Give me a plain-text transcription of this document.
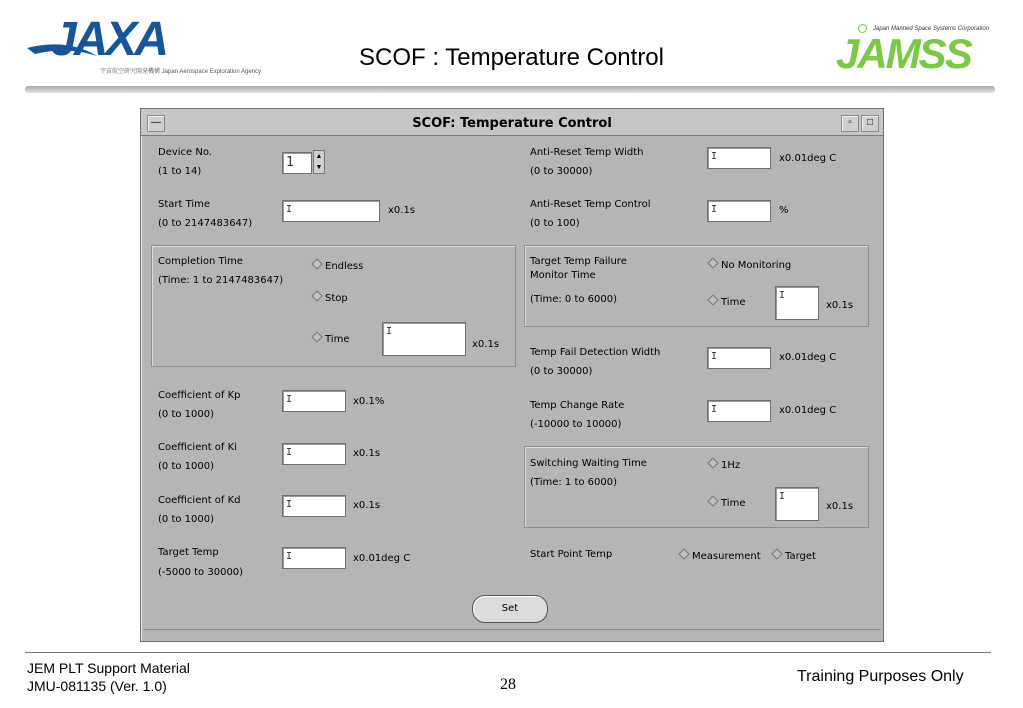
JAXA
宇宙航空研究開発機構 Japan Aerospace Exploration Agency
SCOF : Temperature Control
Japan Manned Space Systems Corporation
JAMSS
—	SCOF: Temperature Control	▫	□
Device No.
(1 to 14)
1	▲
▼
Start Time
(0 to 2147483647)
I	x0.1s
Completion Time
(Time: 1 to 2147483647)
Endless
Stop
Time
I
x0.1s
Coefficient of Kp
(0 to 1000)
I	x0.1%
Coefficient of Ki
(0 to 1000)
I	x0.1s
Coefficient of Kd
(0 to 1000)
I	x0.1s
Target Temp
(-5000 to 30000)
I	x0.01deg C
Anti-Reset Temp Width
(0 to 30000)
I	x0.01deg C
Anti-Reset Temp Control
(0 to 100)
I	%
Target Temp Failure
Monitor Time
(Time: 0 to 6000)
No Monitoring
Time
I
x0.1s
Temp Fail Detection Width
(0 to 30000)
I	x0.01deg C
Temp Change Rate
(-10000 to 10000)
I	x0.01deg C
Switching Waiting Time
(Time: 1 to 6000)
1Hz
Time
I
x0.1s
Start Point Temp	Measurement	Target
Set
JEM PLT Support Material
JMU-081135 (Ver. 1.0)	28	Training Purposes Only
